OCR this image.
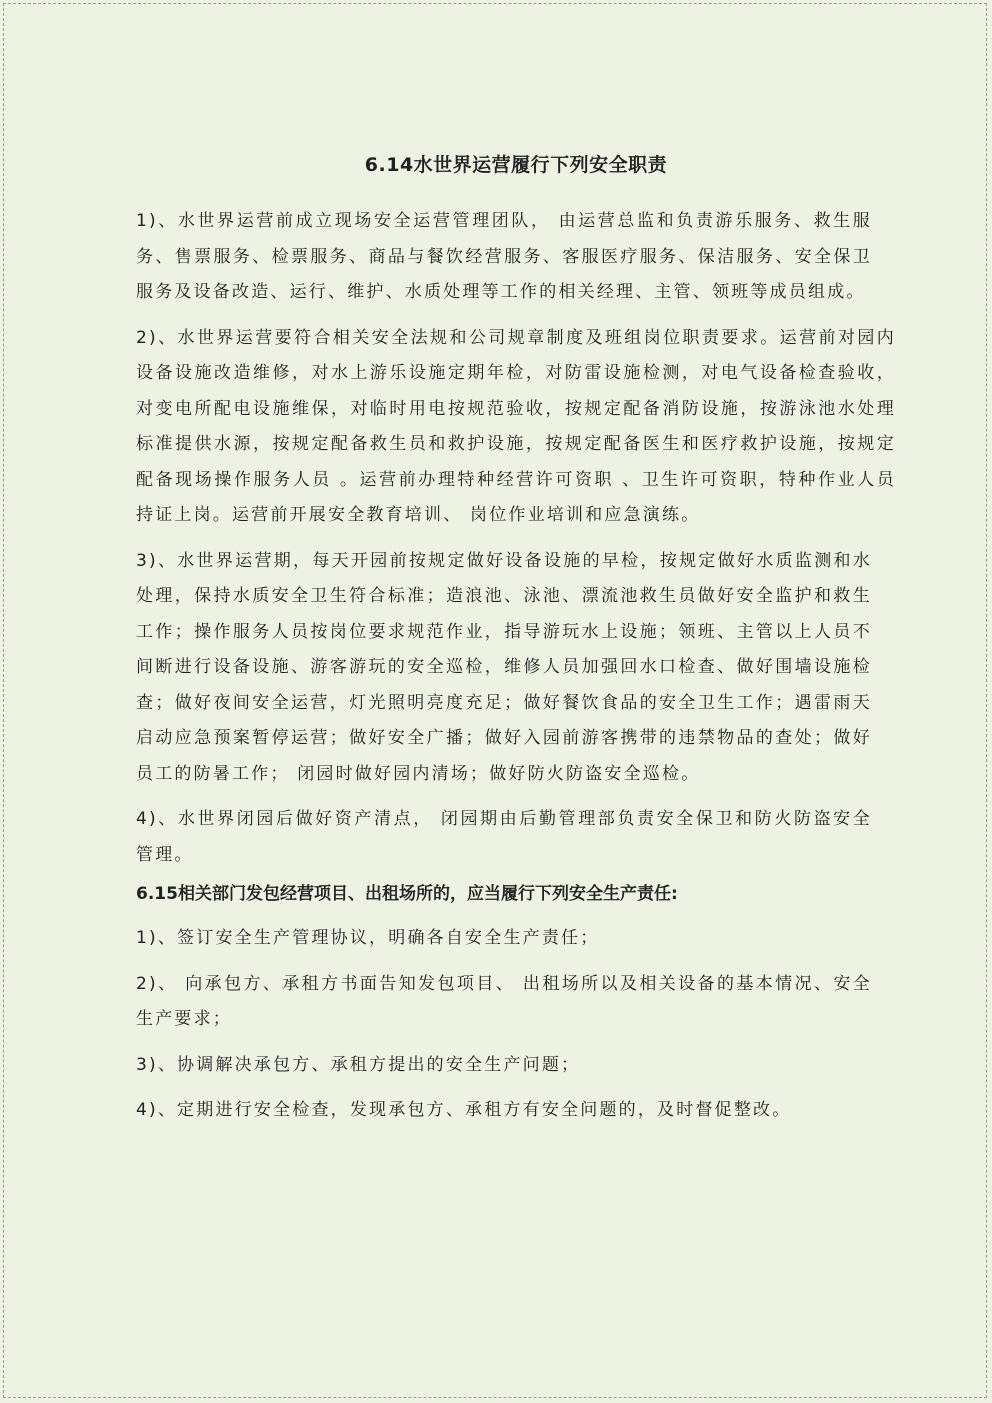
6.14水世界运营履行下列安全职责

1)、水世界运营前成立现场安全运营管理团队， 由运营总监和负责游乐服务、救生服务、售票服务、检票服务、商品与餐饮经营服务、客服医疗服务、保洁服务、安全保卫服务及设备改造、运行、维护、水质处理等工作的相关经理、主管、领班等成员组成。

2)、水世界运营要符合相关安全法规和公司规章制度及班组岗位职责要求。运营前对园内设备设施改造维修，对水上游乐设施定期年检，对防雷设施检测，对电气设备检查验收，对变电所配电设施维保，对临时用电按规范验收，按规定配备消防设施，按游泳池水处理标准提供水源，按规定配备救生员和救护设施，按规定配备医生和医疗救护设施，按规定配备现场操作服务人员 。运营前办理特种经营许可资职 、卫生许可资职，特种作业人员持证上岗。运营前开展安全教育培训、 岗位作业培训和应急演练。

3)、水世界运营期，每天开园前按规定做好设备设施的早检，按规定做好水质监测和水处理，保持水质安全卫生符合标准；造浪池、泳池、漂流池救生员做好安全监护和救生工作；操作服务人员按岗位要求规范作业，指导游玩水上设施；领班、主管以上人员不间断进行设备设施、游客游玩的安全巡检，维修人员加强回水口检查、做好围墙设施检查；做好夜间安全运营，灯光照明亮度充足；做好餐饮食品的安全卫生工作；遇雷雨天启动应急预案暂停运营；做好安全广播；做好入园前游客携带的违禁物品的查处；做好员工的防暑工作； 闭园时做好园内清场；做好防火防盗安全巡检。

4)、水世界闭园后做好资产清点， 闭园期由后勤管理部负责安全保卫和防火防盗安全管理。

6.15相关部门发包经营项目、出租场所的，应当履行下列安全生产责任:

1)、签订安全生产管理协议，明确各自安全生产责任；

2)、 向承包方、承租方书面告知发包项目、 出租场所以及相关设备的基本情况、安全生产要求；

3)、协调解决承包方、承租方提出的安全生产问题；

4)、定期进行安全检查，发现承包方、承租方有安全问题的，及时督促整改。
